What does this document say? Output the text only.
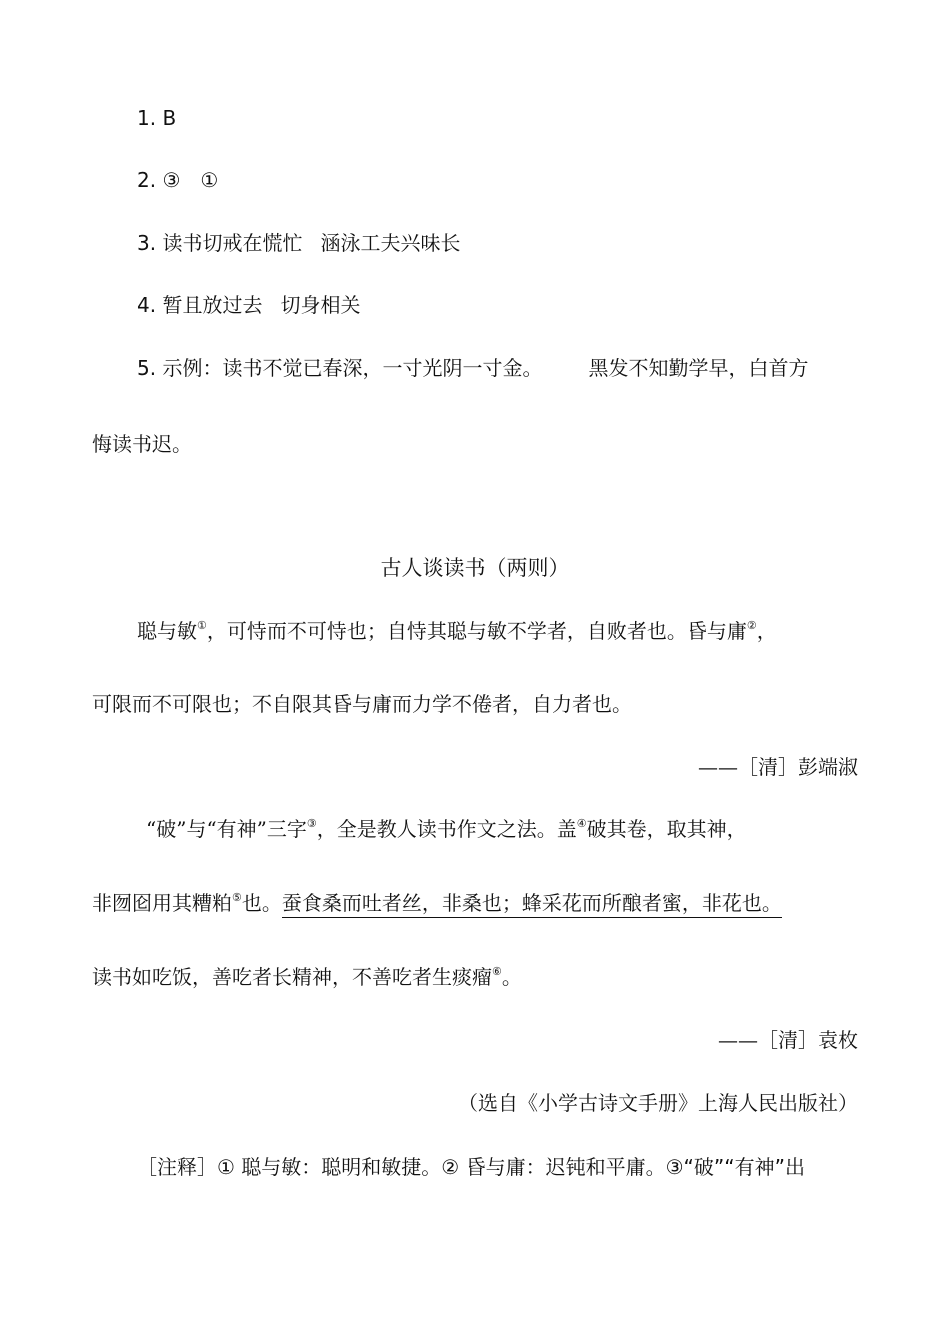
1. B
2. ③　①
3. 读书切戒在慌忙 涵泳工夫兴味长
4. 暂且放过去 切身相关
5. 示例：读书不觉已春深，一寸光阴一寸金。 黑发不知勤学早，白首方
悔读书迟。
古人谈读书（两则）
聪与敏①，可恃而不可恃也；自恃其聪与敏不学者，自败者也。昏与庸②，
可限而不可限也；不自限其昏与庸而力学不倦者，自力者也。
——［清］彭端淑
“破”与“有神”三字③，全是教人读书作文之法。盖④破其卷，取其神，
非囫囵用其糟粕⑤也。蚕食桑而吐者丝，非桑也；蜂采花而所酿者蜜，非花也。
读书如吃饭，善吃者长精神，不善吃者生痰瘤⑥。
——［清］袁枚
（选自《小学古诗文手册》上海人民出版社）
［注释］① 聪与敏：聪明和敏捷。② 昏与庸：迟钝和平庸。③“破”“有神”出
